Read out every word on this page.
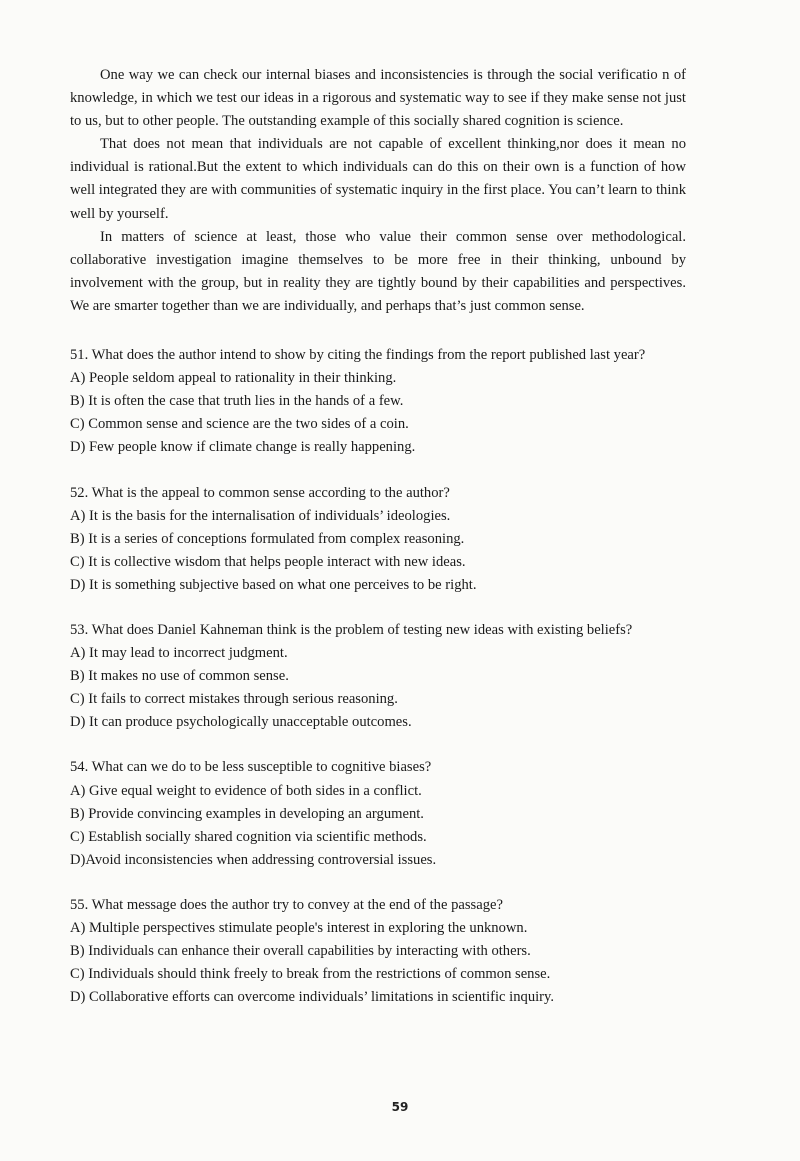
One way we can check our internal biases and inconsistencies is through the social verificatio n of knowledge, in which we test our ideas in a rigorous and systematic way to see if they make sense not just to us, but to other people. The outstanding example of this socially shared cognition is science.

That does not mean that individuals are not capable of excellent thinking,nor does it mean no individual is rational.But the extent to which individuals can do this on their own is a function of how well integrated they are with communities of systematic inquiry in the first place. You can’t learn to think well by yourself.

In matters of science at least, those who value their common sense over methodological. collaborative investigation imagine themselves to be more free in their thinking, unbound by involvement with the group, but in reality they are tightly bound by their capabilities and perspectives. We are smarter together than we are individually, and perhaps that’s just common sense.

51. What does the author intend to show by citing the findings from the report published last year?

A) People seldom appeal to rationality in their thinking.

B) It is often the case that truth lies in the hands of a few.

C) Common sense and science are the two sides of a coin.

D) Few people know if climate change is really happening.

52. What is the appeal to common sense according to the author?

A) It is the basis for the internalisation of individuals’ ideologies.

B) It is a series of conceptions formulated from complex reasoning.

C) It is collective wisdom that helps people interact with new ideas.

D) It is something subjective based on what one perceives to be right.

53. What does Daniel Kahneman think is the problem of testing new ideas with existing beliefs?

A) It may lead to incorrect judgment.

B) It makes no use of common sense.

C) It fails to correct mistakes through serious reasoning.

D) It can produce psychologically unacceptable outcomes.

54. What can we do to be less susceptible to cognitive biases?

A) Give equal weight to evidence of both sides in a conflict.

B) Provide convincing examples in developing an argument.

C) Establish socially shared cognition via scientific methods.

D)Avoid inconsistencies when addressing controversial issues.

55. What message does the author try to convey at the end of the passage?

A) Multiple perspectives stimulate people's interest in exploring the unknown.

B) Individuals can enhance their overall capabilities by interacting with others.

C) Individuals should think freely to break from the restrictions of common sense.

D) Collaborative efforts can overcome individuals’ limitations in scientific inquiry.

59
